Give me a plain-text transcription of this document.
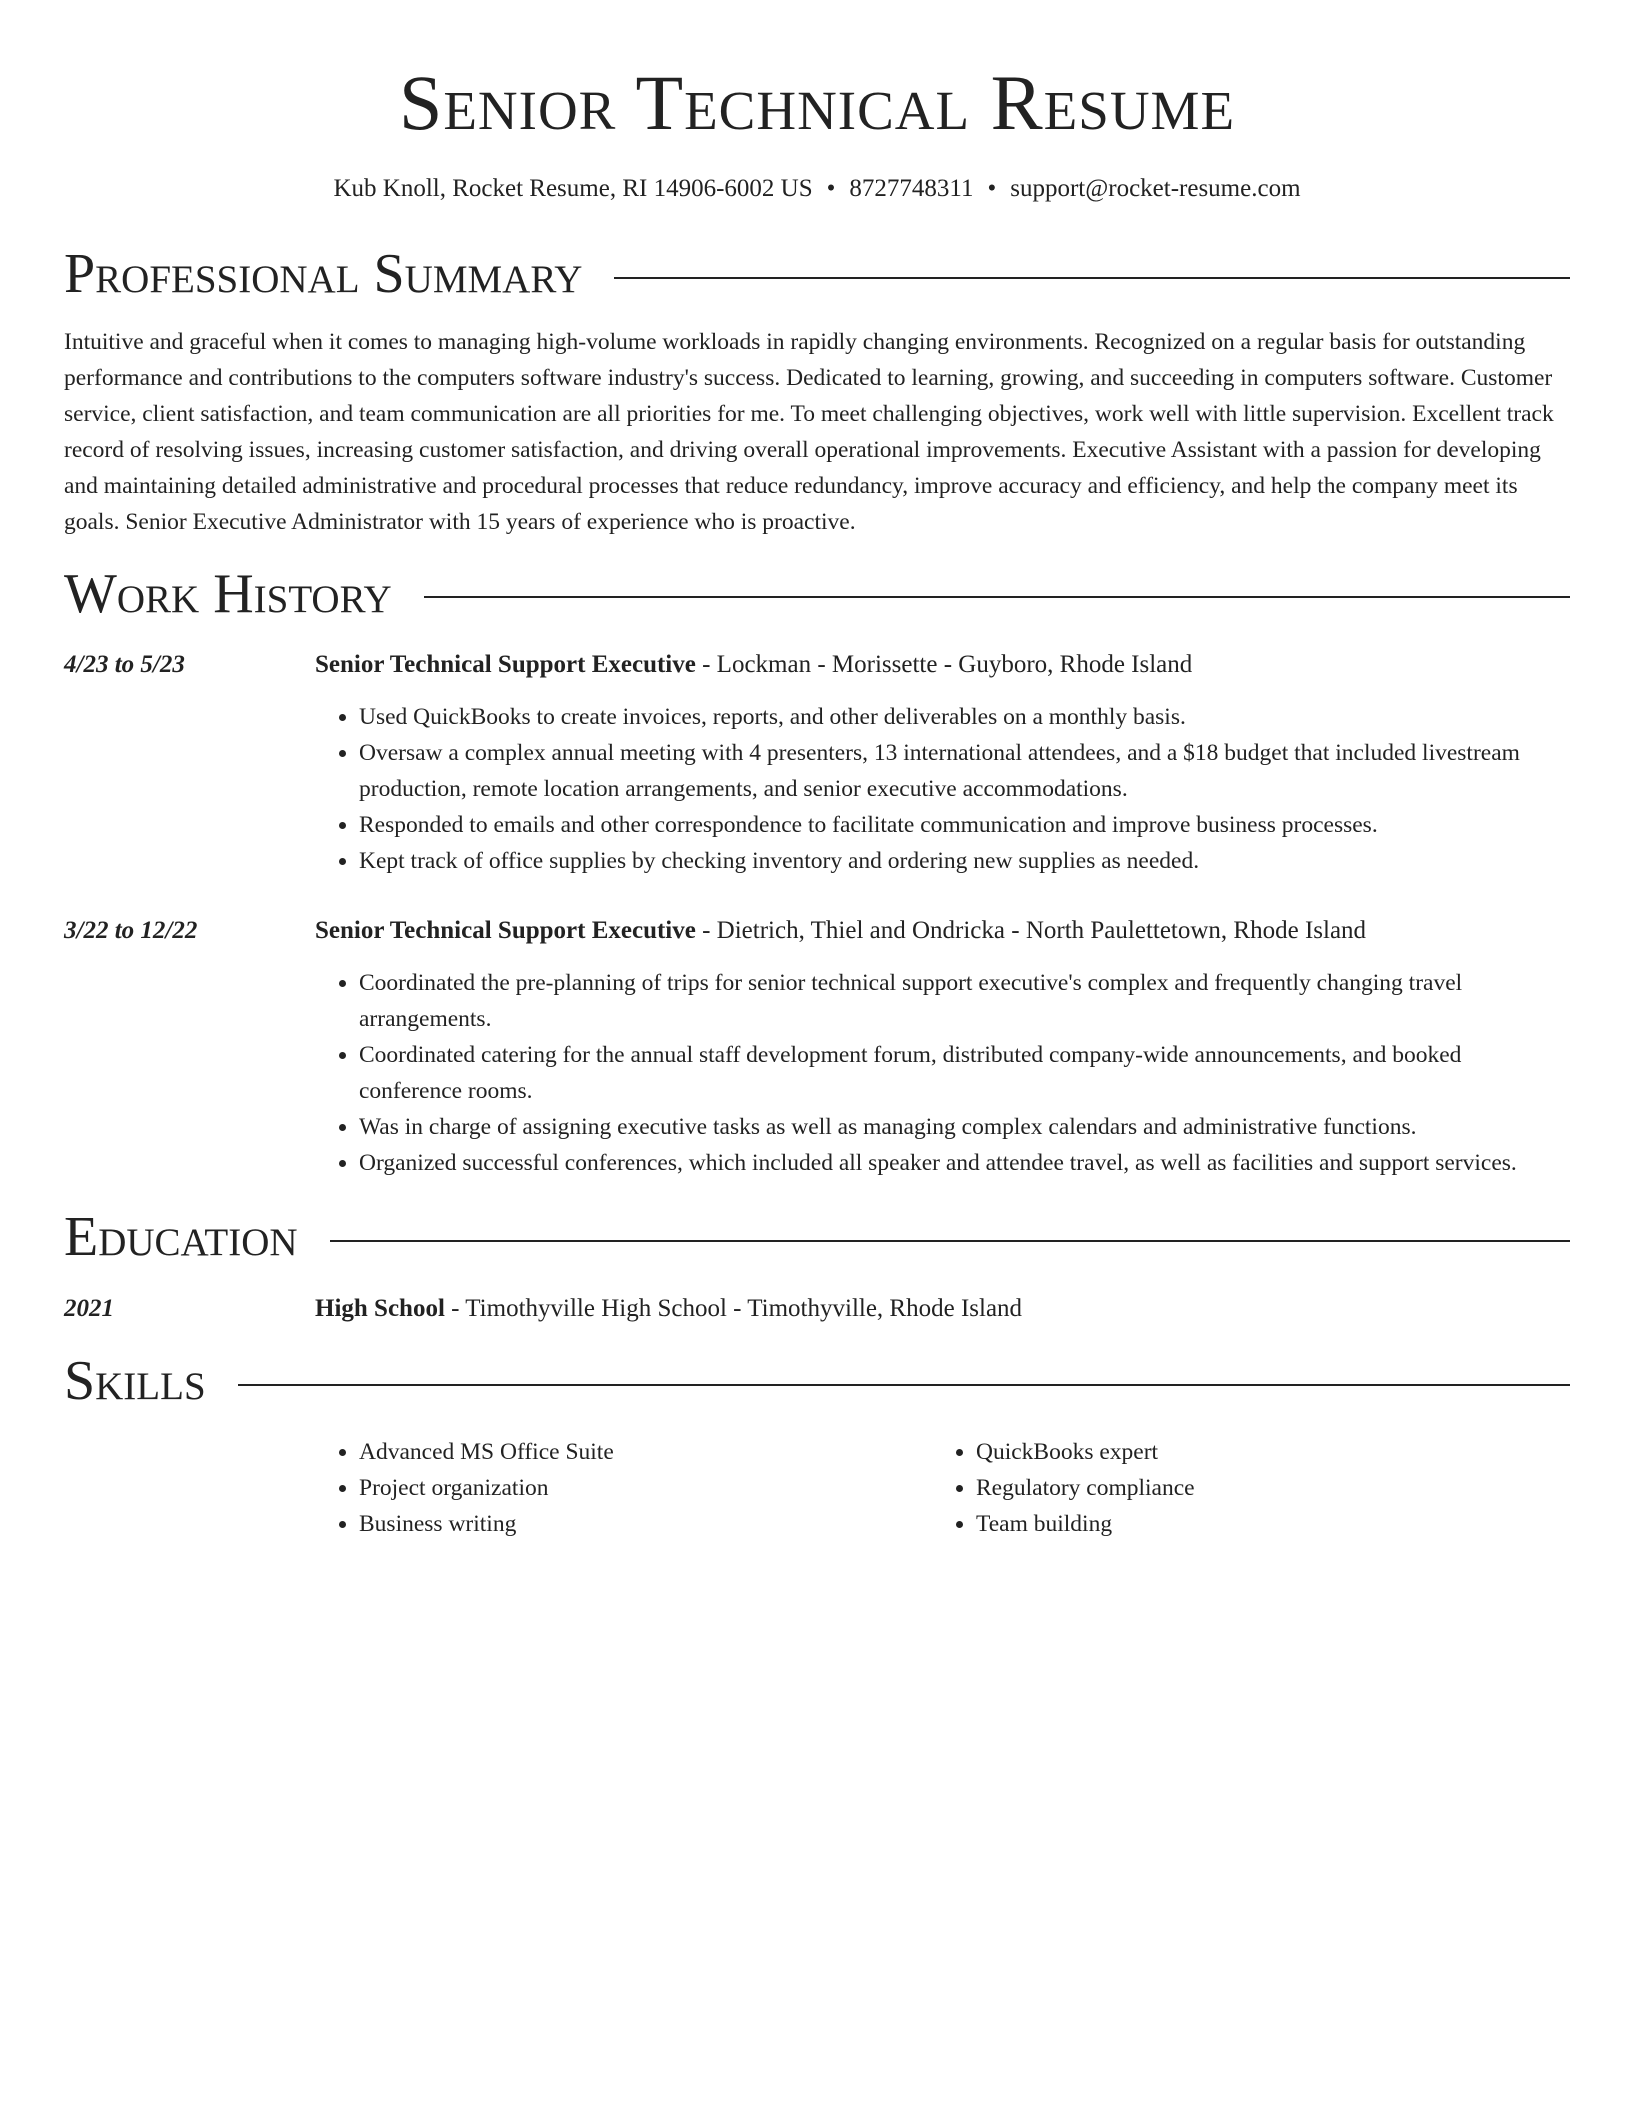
Senior Technical Resume
Kub Knoll, Rocket Resume, RI 14906-6002 US • 8727748311 • support@rocket-resume.com
Professional Summary

Intuitive and graceful when it comes to managing high-volume workloads in rapidly changing environments. Recognized on a regular basis for outstanding performance and contributions to the computers software industry's success. Dedicated to learning, growing, and succeeding in computers software. Customer service, client satisfaction, and team communication are all priorities for me. To meet challenging objectives, work well with little supervision. Excellent track record of resolving issues, increasing customer satisfaction, and driving overall operational improvements. Executive Assistant with a passion for developing and maintaining detailed administrative and procedural processes that reduce redundancy, improve accuracy and efficiency, and help the company meet its goals. Senior Executive Administrator with 15 years of experience who is proactive.

Work History
4/23 to 5/23	Senior Technical Support Executive - Lockman - Morissette - Guyboro, Rhode Island
• Used QuickBooks to create invoices, reports, and other deliverables on a monthly basis.
• Oversaw a complex annual meeting with 4 presenters, 13 international attendees, and a $18 budget that included livestream production, remote location arrangements, and senior executive accommodations.
• Responded to emails and other correspondence to facilitate communication and improve business processes.
• Kept track of office supplies by checking inventory and ordering new supplies as needed.
3/22 to 12/22	Senior Technical Support Executive - Dietrich, Thiel and Ondricka - North Paulettetown, Rhode Island
• Coordinated the pre-planning of trips for senior technical support executive's complex and frequently changing travel arrangements.
• Coordinated catering for the annual staff development forum, distributed company-wide announcements, and booked conference rooms.
• Was in charge of assigning executive tasks as well as managing complex calendars and administrative functions.
• Organized successful conferences, which included all speaker and attendee travel, as well as facilities and support services.
Education
2021	High School - Timothyville High School - Timothyville, Rhode Island
Skills
• Advanced MS Office Suite
• Project organization
• Business writing
• QuickBooks expert
• Regulatory compliance
• Team building
